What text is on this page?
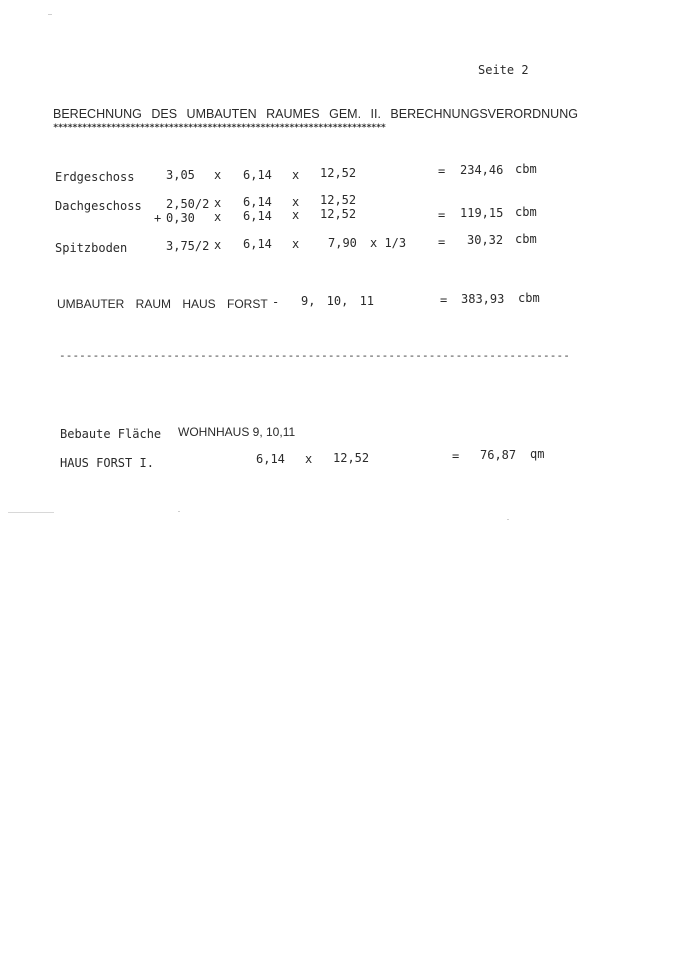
Seite 2
BERECHNUNG DES UMBAUTEN RAUMES GEM. II. BERECHNUNGSVERORDNUNG
*********************************************************************
Erdgeschoss	3,05 x 6,14 x 12,52	= 234,46 cbm
Dachgeschoss 2,50/2 x 6,14 x 12,52
+ 0,30 x 6,14 x 12,52	= 119,15 cbm
Spitzboden	3,75/2 x 6,14 x 7,90 x 1/3	= 30,32 cbm
UMBAUTER RAUM HAUS FORST - 9, 10, 11	= 383,93 cbm
----------------------------------------------------------------------------
Bebaute Fläche WOHNHAUS 9, 10,11
HAUS FORST I.	6,14 x 12,52	= 76,87 qm
